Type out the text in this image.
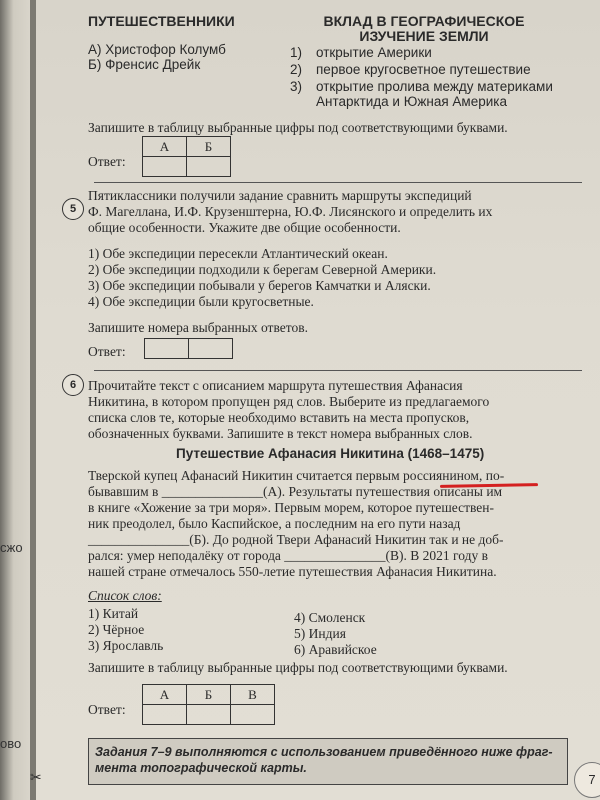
сжо
ово
ПУТЕШЕСТВЕННИКИ	ВКЛАД В ГЕОГРАФИЧЕСКОЕ
ИЗУЧЕНИЕ ЗЕМЛИ
А) Христофор Колумб
Б) Френсис Дрейк
1) открытие Америки
2) первое кругосветное путешествие
3) открытие пролива между материками
Антарктида и Южная Америка
Запишите в таблицу выбранные цифры под соответствующими буквами.
Ответ:
А	Б

5
Пятиклассники получили задание сравнить маршруты экспедиций
Ф. Магеллана, И.Ф. Крузенштерна, Ю.Ф. Лисянского и определить их
общие особенности. Укажите две общие особенности.
1) Обе экспедиции пересекли Атлантический океан.
2) Обе экспедиции подходили к берегам Северной Америки.
3) Обе экспедиции побывали у берегов Камчатки и Аляски.
4) Обе экспедиции были кругосветные.
Запишите номера выбранных ответов.
Ответ:

6 Прочитайте текст с описанием маршрута путешествия Афанасия
Никитина, в котором пропущен ряд слов. Выберите из предлагаемого
списка слов те, которые необходимо вставить на места пропусков,
обозначенных буквами. Запишите в текст номера выбранных слов.
Путешествие Афанасия Никитина (1468–1475)
Тверской купец Афанасий Никитин считается первым россиянином, по-
бывавшим в _______________(А). Результаты путешествия описаны им
в книге «Хожение за три моря». Первым морем, которое путешествен-
ник преодолел, было Каспийское, а последним на его пути назад
_______________(Б). До родной Твери Афанасий Никитин так и не доб-
рался: умер неподалёку от города _______________(В). В 2021 году в
нашей стране отмечалось 550-летие путешествия Афанасия Никитина.
Список слов:
1) Китай
2) Чёрное
3) Ярославль
4) Смоленск
5) Индия
6) Аравийское
Запишите в таблицу выбранные цифры под соответствующими буквами.
Ответ:
А	Б	В

Задания 7–9 выполняются с использованием приведённого ниже фраг-
мента топографической карты.
✂	7
